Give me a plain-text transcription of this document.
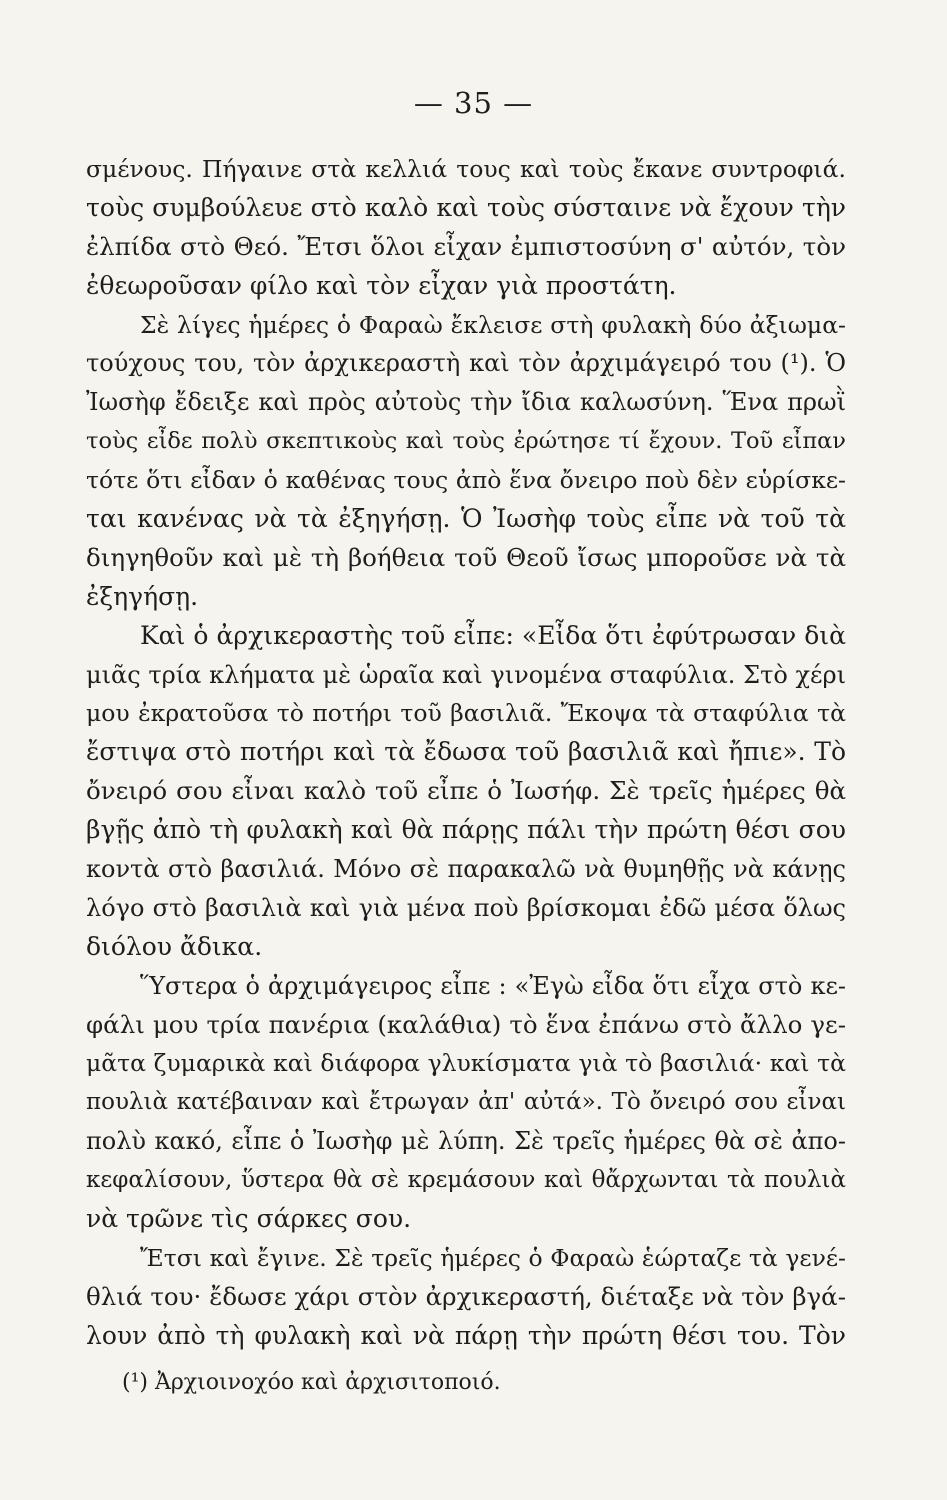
— 35 —
σμένους. Πήγαινε στὰ κελλιά τους καὶ τοὺς ἔκανε συντροφιά.
τοὺς συμβούλευε στὸ καλὸ καὶ τοὺς σύσταινε νὰ ἔχουν τὴν
ἐλπίδα στὸ Θεό. Ἔτσι ὅλοι εἶχαν ἐμπιστοσύνη σ' αὐτόν, τὸν
ἐθεωροῦσαν φίλο καὶ τὸν εἶχαν γιὰ προστάτη.
Σὲ λίγες ἡμέρες ὁ Φαραὼ ἔκλεισε στὴ φυλακὴ δύο ἀξιωμα-
τούχους του, τὸν ἀρχικεραστὴ καὶ τὸν ἀρχιμάγειρό του (¹). Ὁ
Ἰωσὴφ ἔδειξε καὶ πρὸς αὐτοὺς τὴν ἴδια καλωσύνη. Ἕνα πρωῒ
τοὺς εἶδε πολὺ σκεπτικοὺς καὶ τοὺς ἐρώτησε τί ἔχουν. Τοῦ εἶπαν
τότε ὅτι εἶδαν ὁ καθένας τους ἀπὸ ἕνα ὄνειρο ποὺ δὲν εὑρίσκε-
ται κανένας νὰ τὰ ἐξηγήσῃ. Ὁ Ἰωσὴφ τοὺς εἶπε νὰ τοῦ τὰ
διηγηθοῦν καὶ μὲ τὴ βοήθεια τοῦ Θεοῦ ἴσως μποροῦσε νὰ τὰ
ἐξηγήσῃ.
Καὶ ὁ ἀρχικεραστὴς τοῦ εἶπε: «Εἶδα ὅτι ἐφύτρωσαν διὰ
μιᾶς τρία κλήματα μὲ ὡραῖα καὶ γινομένα σταφύλια. Στὸ χέρι
μου ἐκρατοῦσα τὸ ποτήρι τοῦ βασιλιᾶ. Ἔκοψα τὰ σταφύλια τὰ
ἔστιψα στὸ ποτήρι καὶ τὰ ἔδωσα τοῦ βασιλιᾶ καὶ ἤπιε». Τὸ
ὄνειρό σου εἶναι καλὸ τοῦ εἶπε ὁ Ἰωσήφ. Σὲ τρεῖς ἡμέρες θὰ
βγῇς ἀπὸ τὴ φυλακὴ καὶ θὰ πάρῃς πάλι τὴν πρώτη θέσι σου
κοντὰ στὸ βασιλιά. Μόνο σὲ παρακαλῶ νὰ θυμηθῇς νὰ κάνῃς
λόγο στὸ βασιλιὰ καὶ γιὰ μένα ποὺ βρίσκομαι ἐδῶ μέσα ὅλως
διόλου ἄδικα.
Ὕστερα ὁ ἀρχιμάγειρος εἶπε : «Ἐγὼ εἶδα ὅτι εἶχα στὸ κε-
φάλι μου τρία πανέρια (καλάθια) τὸ ἕνα ἐπάνω στὸ ἄλλο γε-
μᾶτα ζυμαρικὰ καὶ διάφορα γλυκίσματα γιὰ τὸ βασιλιά· καὶ τὰ
πουλιὰ κατέβαιναν καὶ ἔτρωγαν ἀπ' αὐτά». Τὸ ὄνειρό σου εἶναι
πολὺ κακό, εἶπε ὁ Ἰωσὴφ μὲ λύπη. Σὲ τρεῖς ἡμέρες θὰ σὲ ἀπο-
κεφαλίσουν, ὕστερα θὰ σὲ κρεμάσουν καὶ θἄρχωνται τὰ πουλιὰ
νὰ τρῶνε τὶς σάρκες σου.
Ἔτσι καὶ ἔγινε. Σὲ τρεῖς ἡμέρες ὁ Φαραὼ ἑώρταζε τὰ γενέ-
θλιά του· ἔδωσε χάρι στὸν ἀρχικεραστή, διέταξε νὰ τὸν βγά-
λουν ἀπὸ τὴ φυλακὴ καὶ νὰ πάρῃ τὴν πρώτη θέσι του. Τὸν
(¹) Ἀρχιοινοχόο καὶ ἀρχισιτοποιό.
